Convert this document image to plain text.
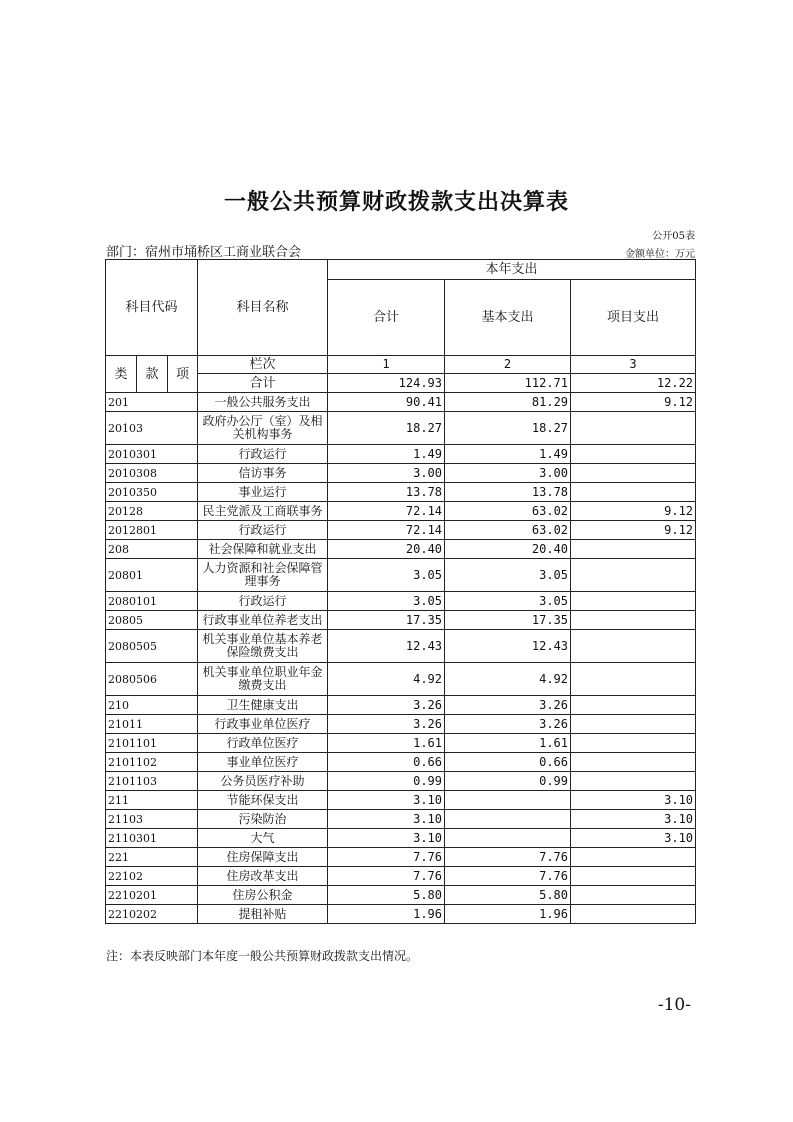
一般公共预算财政拨款支出决算表
公开05表
部门：宿州市埇桥区工商业联合会	金额单位：万元
科目代码			科目名称	本年支出		
				合计	基本支出	项目支出

类	款	项	栏次	1	2	3
			合计	124.93	112.71	12.22
201			一般公共服务支出	90.41	81.29	9.12
20103			政府办公厅（室）及相关机构事务	18.27	18.27	
2010301			行政运行	1.49	1.49	
2010308			信访事务	3.00	3.00	
2010350			事业运行	13.78	13.78	
20128			民主党派及工商联事务	72.14	63.02	9.12
2012801			行政运行	72.14	63.02	9.12
208			社会保障和就业支出	20.40	20.40	
20801			人力资源和社会保障管理事务	3.05	3.05	
2080101			行政运行	3.05	3.05	
20805			行政事业单位养老支出	17.35	17.35	
2080505			机关事业单位基本养老保险缴费支出	12.43	12.43	
2080506			机关事业单位职业年金缴费支出	4.92	4.92	
210			卫生健康支出	3.26	3.26	
21011			行政事业单位医疗	3.26	3.26	
2101101			行政单位医疗	1.61	1.61	
2101102			事业单位医疗	0.66	0.66	
2101103			公务员医疗补助	0.99	0.99	
211			节能环保支出	3.10		3.10
21103			污染防治	3.10		3.10
2110301			大气	3.10		3.10
221			住房保障支出	7.76	7.76	
22102			住房改革支出	7.76	7.76	
2210201			住房公积金	5.80	5.80	
2210202			提租补贴	1.96	1.96	
注：本表反映部门本年度一般公共预算财政拨款支出情况。
-10-
